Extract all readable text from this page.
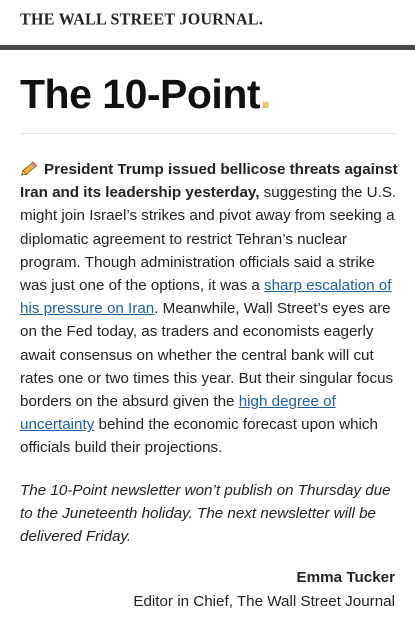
THE WALL STREET JOURNAL.
The 10-Point.

President Trump issued bellicose threats against Iran and its leadership yesterday, suggesting the U.S. might join Israel’s strikes and pivot away from seeking a diplomatic agreement to restrict Tehran’s nuclear program. Though administration officials said a strike was just one of the options, it was a sharp escalation of his pressure on Iran. Meanwhile, Wall Street’s eyes are on the Fed today, as traders and economists eagerly await consensus on whether the central bank will cut rates one or two times this year. But their singular focus borders on the absurd given the high degree of uncertainty behind the economic forecast upon which officials build their projections.

The 10-Point newsletter won’t publish on Thursday due to the Juneteenth holiday. The next newsletter will be delivered Friday.
Emma Tucker
Editor in Chief, The Wall Street Journal
